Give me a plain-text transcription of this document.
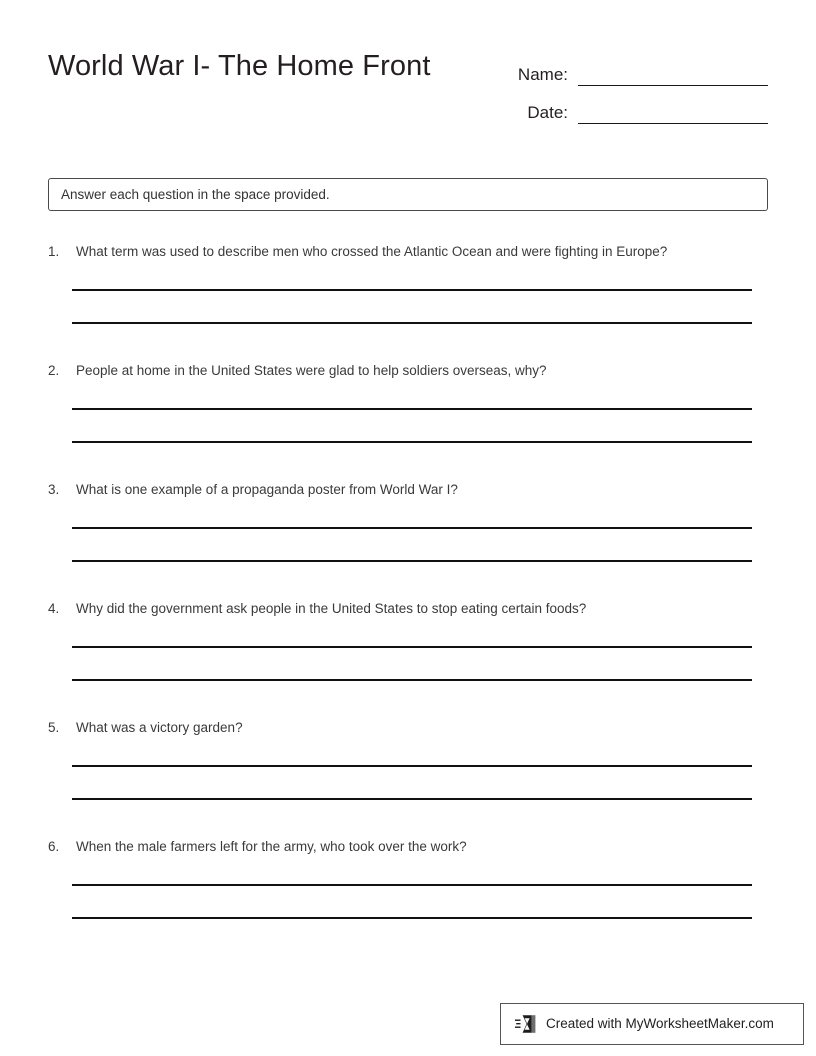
World War I- The Home Front	Name:
Date:
Answer each question in the space provided.
1.	What term was used to describe men who crossed the Atlantic Ocean and were fighting in Europe?
2.	People at home in the United States were glad to help soldiers overseas, why?
3.	What is one example of a propaganda poster from World War I?
4.	Why did the government ask people in the United States to stop eating certain foods?
5.	What was a victory garden?
6.	When the male farmers left for the army, who took over the work?
Created with MyWorksheetMaker.com
